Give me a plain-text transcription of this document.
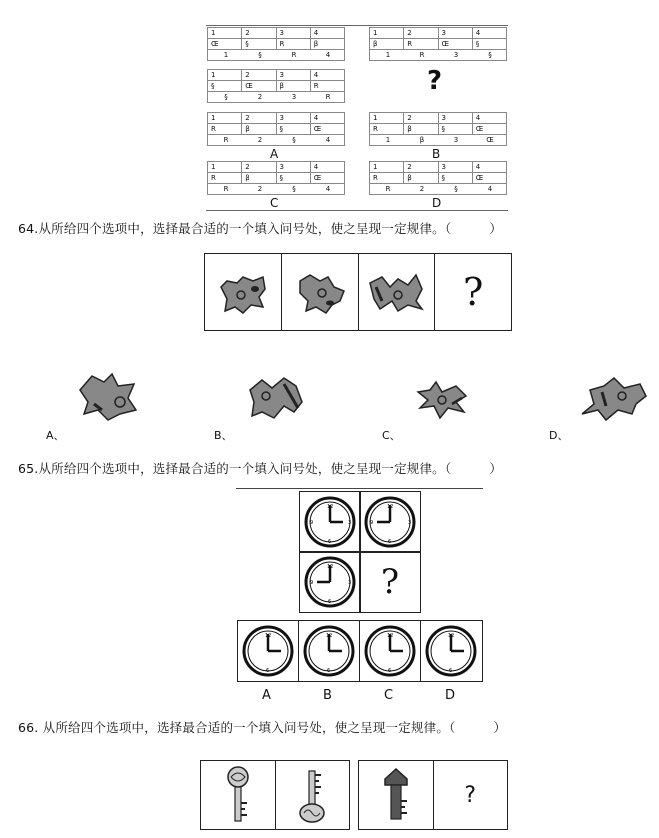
1	2	3	4
Œ	§	R	β
1	§	R	4
1	2	3	4
β	R	Œ	§
1	R	3	§
1	2	3	4
§	Œ	β	R
§	2	3	R
?
1	2	3	4
R	β	§	Œ
R	2	§	4
A
1	2	3	4
R	β	§	Œ
1	β	3	Œ
B
1	2	3	4
R	β	§	Œ
R	2	§	4
C
1	2	3	4
R	β	§	Œ
R	2	§	4
D
64.从所给四个选项中，选择最合适的一个填入问号处，使之呈现一定规律。（	）
?
A、	B、	C、	D、
65.从所给四个选项中，选择最合适的一个填入问号处，使之呈现一定规律。（	）
12
3
6
9
12
3
6
9
12
3
6
9 ?
12
6
12
6
12
6
12
6
A	B	C	D
66. 从所给四个选项中，选择最合适的一个填入问号处，使之呈现一定规律。（	）
?
